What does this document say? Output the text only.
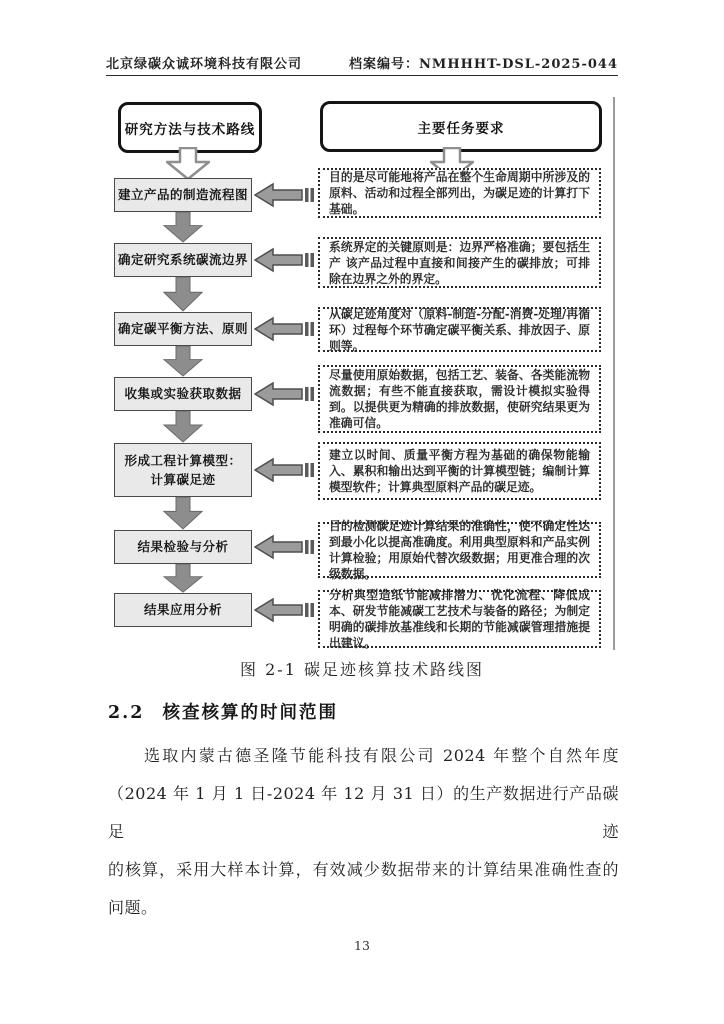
北京绿碳众诚环境科技有限公司	档案编号：NMHHHT-DSL-2025-044
研究方法与技术路线	主要任务要求
建立产品的制造流程图
确定研究系统碳流边界
确定碳平衡方法、原则
收集或实验获取数据
形成工程计算模型：
计算碳足迹
结果检验与分析
结果应用分析
目的是尽可能地将产品在整个生命周期中所涉及的原料、活动和过程全部列出，为碳足迹的计算打下基础。
系统界定的关键原则是：边界严格准确；要包括生产 该产品过程中直接和间接产生的碳排放；可排除在边界之外的界定。
从碳足迹角度对（原料-制造-分配-消费-处理/再循环）过程每个环节确定碳平衡关系、排放因子、原则等。
尽量使用原始数据，包括工艺、装备、各类能流物流数据；有些不能直接获取，需设计模拟实验得到。以提供更为精确的排放数据，使研究结果更为准确可信。
建立以时间、质量平衡方程为基础的确保物能输入、累积和输出达到平衡的计算模型链；编制计算模型软件；计算典型原料产品的碳足迹。
目的检测碳足迹计算结果的准确性，使不确定性达到最小化以提高准确度。利用典型原料和产品实例计算检验；用原始代替次级数据；用更准合理的次级数据。
分析典型造纸节能减排潜力、优化流程、降低成本、研发节能减碳工艺技术与装备的路径；为制定明确的碳排放基准线和长期的节能减碳管理措施提出建议。
图 2-1 碳足迹核算技术路线图
2.2 核查核算的时间范围
选取内蒙古德圣隆节能科技有限公司 2024 年整个自然年度
（2024 年 1 月 1 日-2024 年 12 月 31 日）的生产数据进行产品碳足迹
的核算，采用大样本计算，有效减少数据带来的计算结果准确性查的
问题。
13
